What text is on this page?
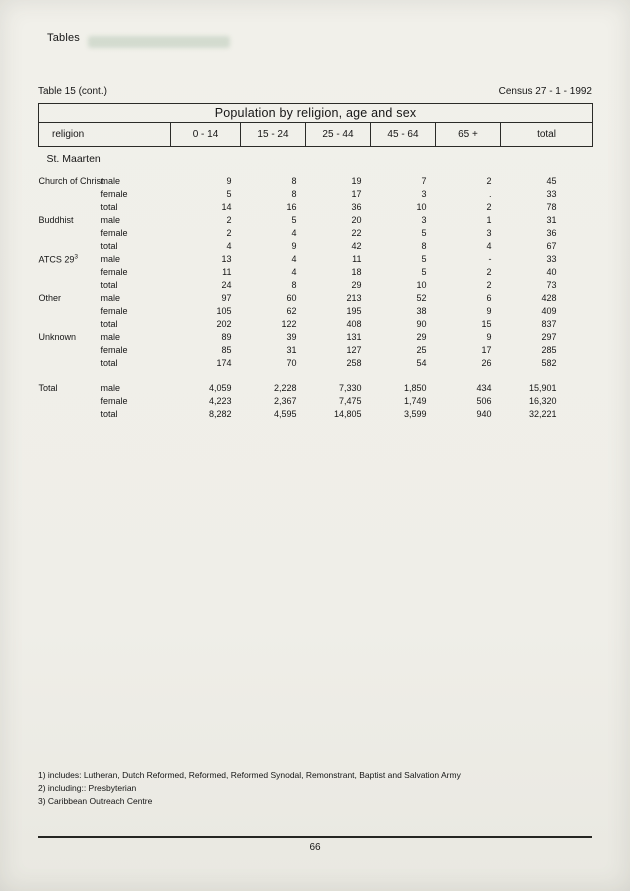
Tables
Table 15 (cont.)	Census 27 - 1 - 1992
Population by religion, age and sex						
religion	0 - 14	15 - 24	25 - 44	45 - 64	65 +	total
St. Maarten						

Church of Christ
male	9	8	19	7	2	45

female	5	8	17	3	.	33

total	14	16	36	10	2	78

Buddhist male	2	5	20	3	1	31

female	2	4	22	5	3	36

total	4	9	42	8	4	67

ATCS $29^3$ male	13	4	11	5	-	33

female	11	4	18	5	2	40

total	24	8	29	10	2	73

Other male	97	60	213	52	6	428

female	105	62	195	38	9	409

total	202	122	408	90	15	837

Unknown male	89	39	131	29	9	297

female	85	31	127	25	17	285

total	174	70	258	54	26	582

Total male	4,059	2,228	7,330	1,850	434	15,901

female	4,223	2,367	7,475	1,749	506	16,320

total	8,282	4,595	14,805	3,599	940	32,221
1) includes: Lutheran, Dutch Reformed, Reformed, Reformed Synodal, Remonstrant, Baptist and Salvation Army
2) including:: Presbyterian
3) Caribbean Outreach Centre
66
